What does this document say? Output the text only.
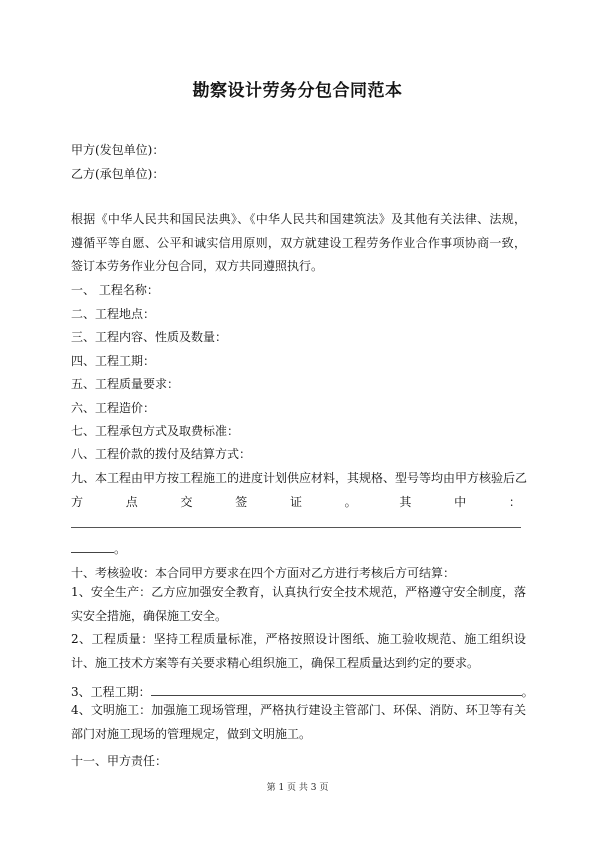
勘察设计劳务分包合同范本
甲方(发包单位)：
乙方(承包单位)：
根据《中华人民共和国民法典》、《中华人民共和国建筑法》及其他有关法律、法规，遵循平等自愿、公平和诚实信用原则，双方就建设工程劳务作业合作事项协商一致，签订本劳务作业分包合同，双方共同遵照执行。
一、 工程名称：
二、工程地点：
三、工程内容、性质及数量：
四、工程工期：
五、工程质量要求：
六、工程造价：
七、工程承包方式及取费标准：
八、工程价款的拨付及结算方式：
九、本工程由甲方按工程施工的进度计划供应材料，其规格、型号等均由甲方核验后乙
方	点	交	签	证	。	其	中	：
。
十、考核验收：本合同甲方要求在四个方面对乙方进行考核后方可结算：
1、安全生产：乙方应加强安全教育，认真执行安全技术规范，严格遵守安全制度，落实安全措施，确保施工安全。
2、工程质量：坚持工程质量标准，严格按照设计图纸、施工验收规范、施工组织设计、施工技术方案等有关要求精心组织施工，确保工程质量达到约定的要求。
3、工程工期：	。
4、文明施工：加强施工现场管理，严格执行建设主管部门、环保、消防、环卫等有关部门对施工现场的管理规定，做到文明施工。
十一、甲方责任：
第 1 页 共 3 页
